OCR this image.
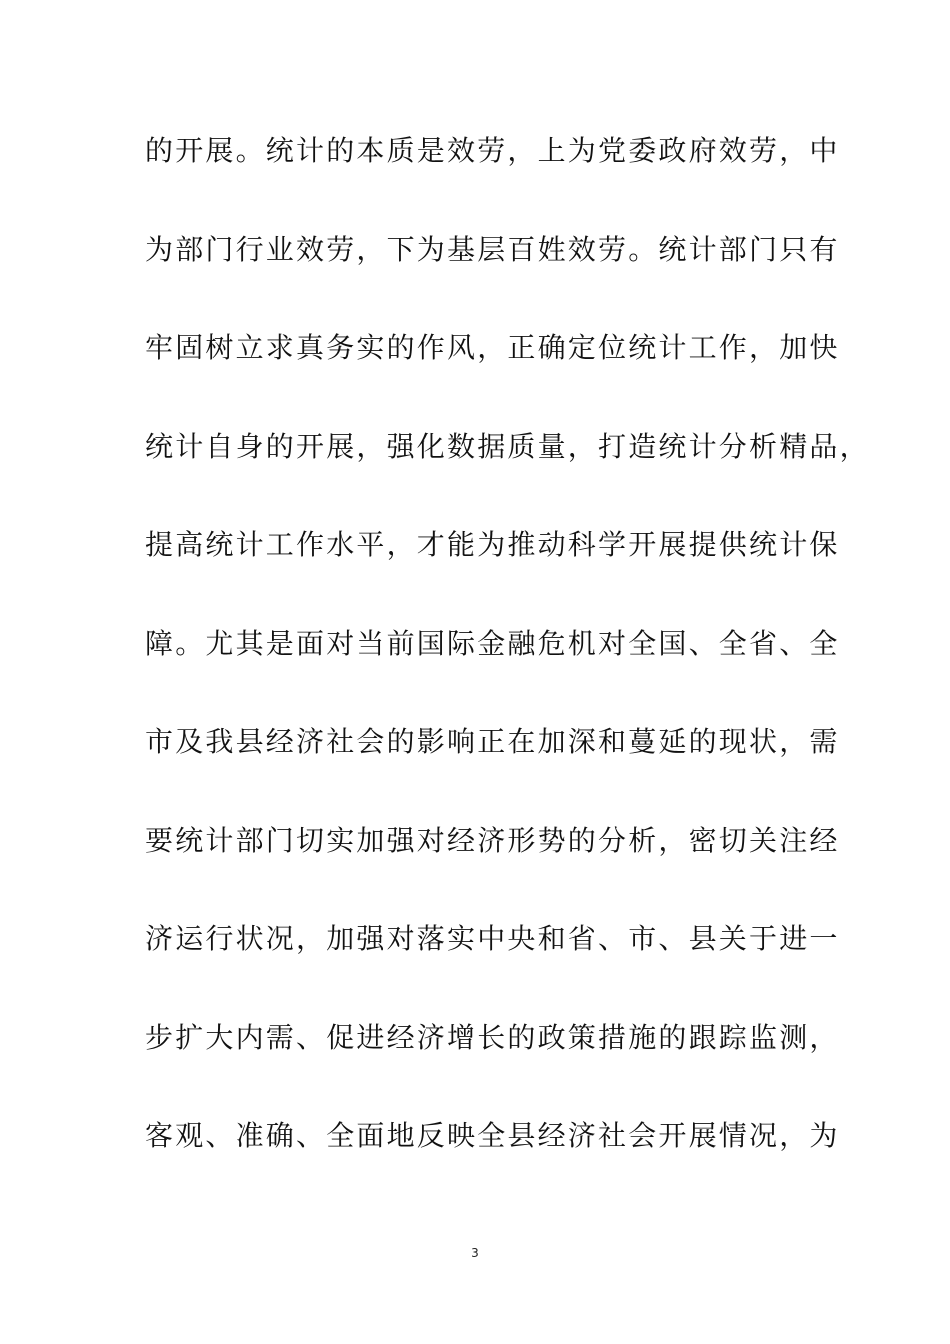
的开展。统计的本质是效劳，上为党委政府效劳，中
为部门行业效劳，下为基层百姓效劳。统计部门只有
牢固树立求真务实的作风，正确定位统计工作，加快
统计自身的开展，强化数据质量，打造统计分析精品，
提高统计工作水平，才能为推动科学开展提供统计保
障。尤其是面对当前国际金融危机对全国、全省、全
市及我县经济社会的影响正在加深和蔓延的现状，需
要统计部门切实加强对经济形势的分析，密切关注经
济运行状况，加强对落实中央和省、市、县关于进一
步扩大内需、促进经济增长的政策措施的跟踪监测，
客观、准确、全面地反映全县经济社会开展情况，为
3
